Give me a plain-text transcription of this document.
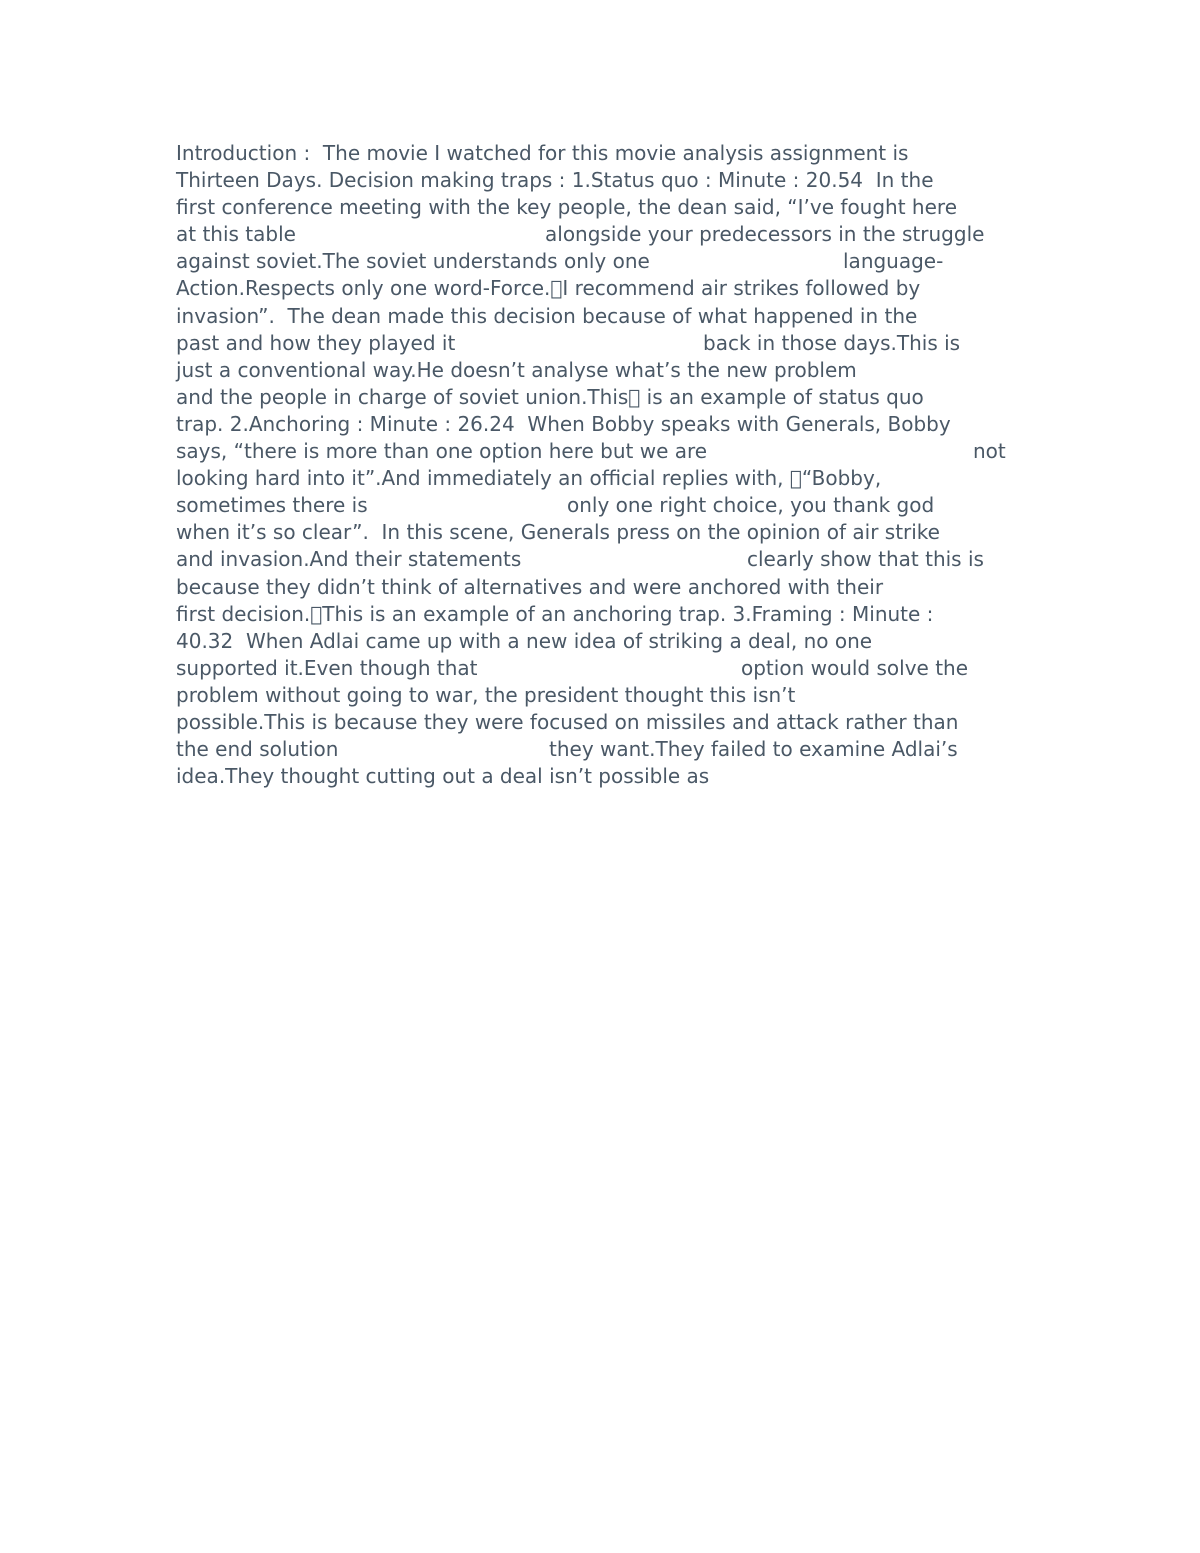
Introduction :  The movie I watched for this movie analysis assignment is
Thirteen Days. Decision making traps : 1.Status quo : Minute : 20.54  In the
first conference meeting with the key people, the dean said, “I’ve fought here
at this table	alongside your predecessors in the struggle
against soviet.The soviet understands only one	language-
Action.Respects only one word-Force. I recommend air strikes followed by
invasion”.  The dean made this decision because of what happened in the
past and how they played it	back in those days.This is
just a conventional way.He doesn’t analyse what’s the new problem
and the people in charge of soviet union.This  is an example of status quo
trap. 2.Anchoring : Minute : 26.24  When Bobby speaks with Generals, Bobby
says, “there is more than one option here but we are	not
looking hard into it”.And immediately an official replies with,  “Bobby,
sometimes there is	only one right choice, you thank god
when it’s so clear”.  In this scene, Generals press on the opinion of air strike
and invasion.And their statements	clearly show that this is
because they didn’t think of alternatives and were anchored with their
first decision. This is an example of an anchoring trap. 3.Framing : Minute :
40.32  When Adlai came up with a new idea of striking a deal, no one
supported it.Even though that	option would solve the
problem without going to war, the president thought this isn’t
possible.This is because they were focused on missiles and attack rather than
the end solution	they want.They failed to examine Adlai’s
idea.They thought cutting out a deal isn’t possible as
